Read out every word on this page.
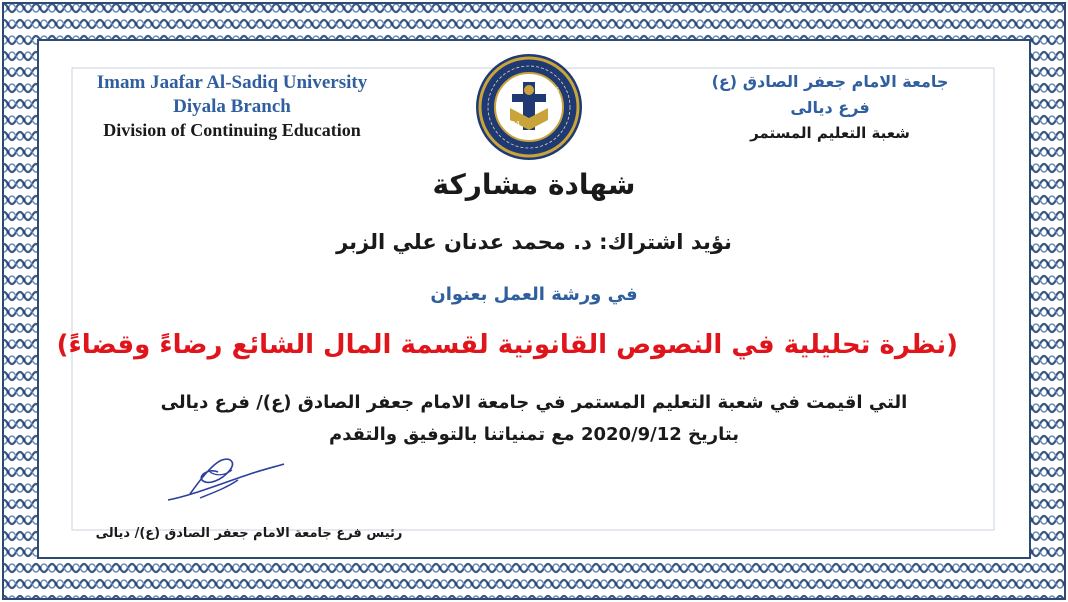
Imam Jaafar Al-Sadiq University
Diyala Branch
Division of Continuing Education
جامعة الامام جعفر الصادق (ع)
فرع ديالى
شعبة التعليم المستمر
2004
1425
شهادة مشاركة
نؤيد اشتراك: د. محمد عدنان علي الزبر
في ورشة العمل بعنوان
(نظرة تحليلية في النصوص القانونية لقسمة المال الشائع رضاءً وقضاءً)
التي اقيمت في شعبة التعليم المستمر في جامعة الامام جعفر الصادق (ع)/ فرع ديالى
بتاريخ 2020/9/12 مع تمنياتنا بالتوفيق والتقدم
رئيس فرع جامعة الامام جعفر الصادق (ع)/ ديالى
